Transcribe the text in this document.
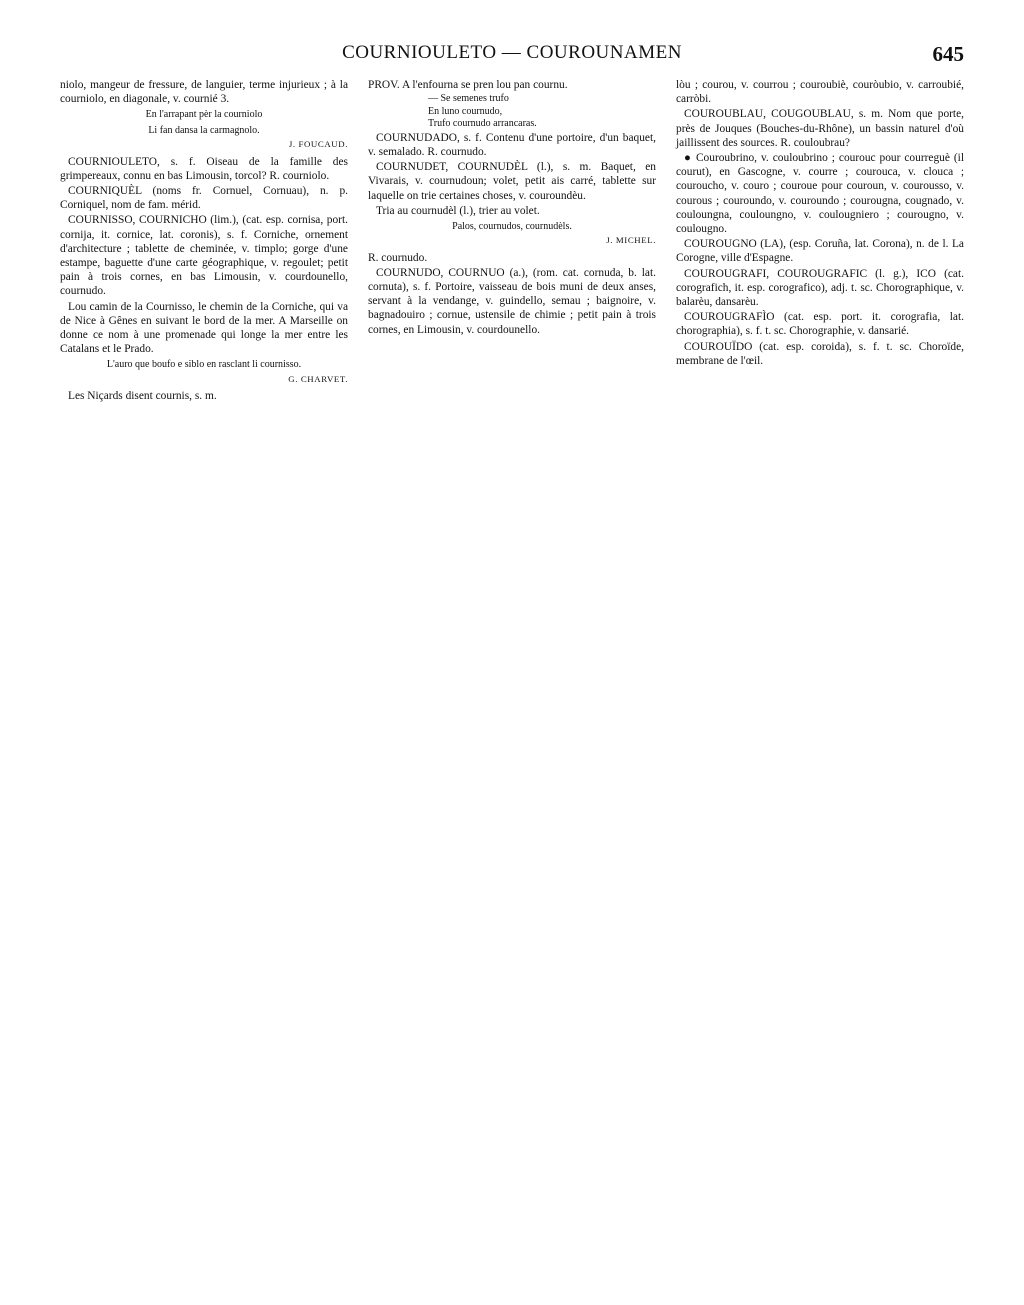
COURNIOULETO — COUROUNAMEN	645

niolo, mangeur de fressure, de languier, terme injurieux ; à la courniolo, en diagonale, v. cournié 3.

En l'arrapant pèr la courniolo

Li fan dansa la carmagnolo.

J. FOUCAUD.

COURNIOULETO, s. f. Oiseau de la famille des grimpereaux, connu en bas Limousin, torcol? R. courniolo.

COURNIQUÈL (noms fr. Cornuel, Cornuau), n. p. Corniquel, nom de fam. mérid.

COURNISSO, COURNICHO (lim.), (cat. esp. cornisa, port. cornija, it. cornice, lat. coronis), s. f. Corniche, ornement d'architecture ; tablette de cheminée, v. timplo; gorge d'une estampe, baguette d'une carte géographique, v. regoulet; petit pain à trois cornes, en bas Limousin, v. courdounello, cournudo.

Lou camin de la Cournisso, le chemin de la Corniche, qui va de Nice à Gênes en suivant le bord de la mer. A Marseille on donne ce nom à une promenade qui longe la mer entre les Catalans et le Prado.

L'auro que boufo e siblo en rasclant li cournisso.

G. CHARVET.

Les Niçards disent cournis, s. m.

PROV. A l'enfourna se pren lou pan cournu.

— Se semenes trufo

En luno cournudo,

Trufo cournudo arrancaras.

COURNUDADO, s. f. Contenu d'une portoire, d'un baquet, v. semalado. R. cournudo.

COURNUDET, COURNUDÈL (l.), s. m. Baquet, en Vivarais, v. cournudoun; volet, petit ais carré, tablette sur laquelle on trie certaines choses, v. couroundèu.

Tria au cournudèl (l.), trier au volet.

Palos, cournudos, cournudèls.

J. MICHEL.

R. cournudo.

COURNUDO, COURNUO (a.), (rom. cat. cornuda, b. lat. cornuta), s. f. Portoire, vaisseau de bois muni de deux anses, servant à la vendange, v. guindello, semau ; baignoire, v. bagnadouiro ; cornue, ustensile de chimie ; petit pain à trois cornes, en Limousin, v. courdounello.

lòu ; courou, v. courrou ; couroubiè, couròubio, v. carroubié, carròbi.

COUROUBLAU, COUGOUBLAU, s. m. Nom que porte, près de Jouques (Bouches-du-Rhône), un bassin naturel d'où jaillissent des sources. R. couloubrau?

● Couroubrino, v. couloubrino ; courouc pour courreguè (il courut), en Gascogne, v. courre ; courouca, v. clouca ; couroucho, v. couro ; couroue pour couroun, v. courousso, v. courous ; couroundo, v. couroundo ; courougna, cougnado, v. couloungna, couloungno, v. coulougniero ; courougno, v. coulougno.

COUROUGNO (LA), (esp. Coruña, lat. Corona), n. de l. La Corogne, ville d'Espagne.

COUROUGRAFI, COUROUGRAFIC (l. g.), ICO (cat. corografich, it. esp. corografico), adj. t. sc. Chorographique, v. balarèu, dansarèu.

COUROUGRAFÌO (cat. esp. port. it. corografia, lat. chorographia), s. f. t. sc. Chorographie, v. dansarié.

COUROUÏDO (cat. esp. coroida), s. f. t. sc. Choroïde, membrane de l'œil.
